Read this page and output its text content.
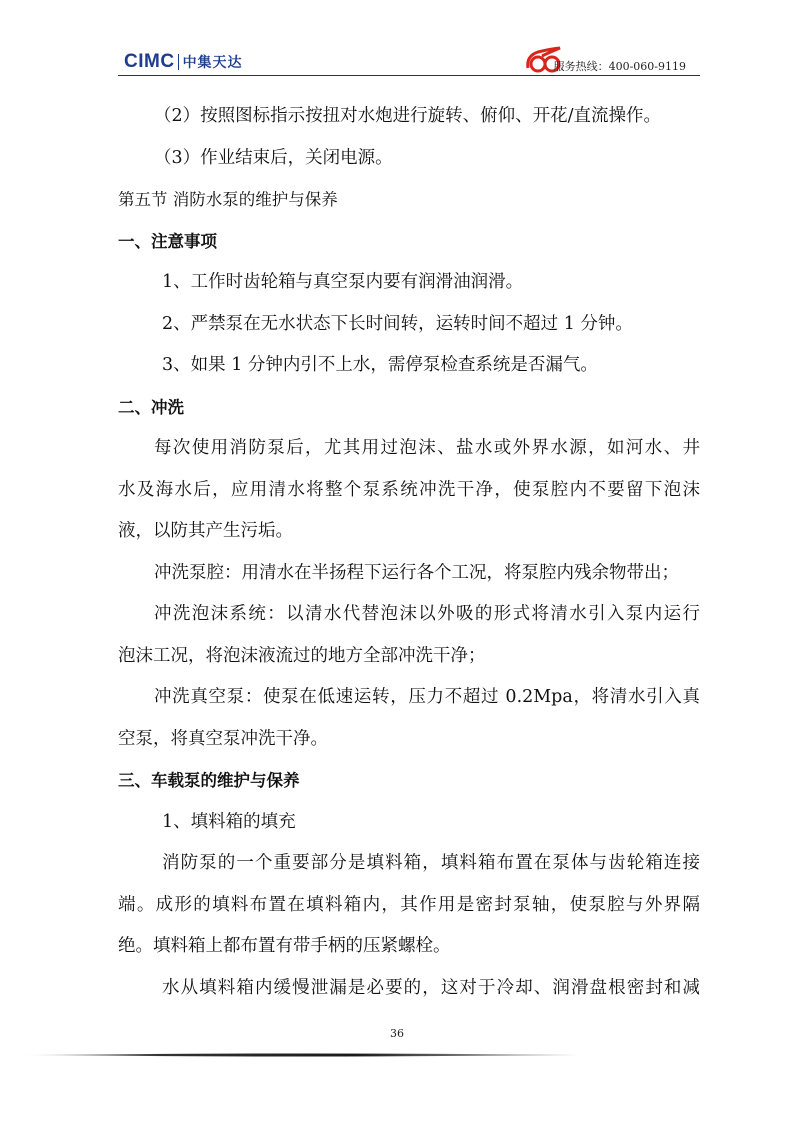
CIMC 中集天达	服务热线：400-060-9119
（2）按照图标指示按扭对水炮进行旋转、俯仰、开花/直流操作。
（3）作业结束后，关闭电源。
第五节 消防水泵的维护与保养
一、注意事项
1、工作时齿轮箱与真空泵内要有润滑油润滑。
2、严禁泵在无水状态下长时间转，运转时间不超过 1 分钟。
3、如果 1 分钟内引不上水，需停泵检查系统是否漏气。
二、冲洗
每次使用消防泵后，尤其用过泡沫、盐水或外界水源，如河水、井
水及海水后，应用清水将整个泵系统冲洗干净，使泵腔内不要留下泡沫
液，以防其产生污垢。
冲洗泵腔：用清水在半扬程下运行各个工况，将泵腔内残余物带出；
冲洗泡沫系统：以清水代替泡沫以外吸的形式将清水引入泵内运行
泡沫工况，将泡沫液流过的地方全部冲洗干净；
冲洗真空泵：使泵在低速运转，压力不超过 0.2Mpa，将清水引入真
空泵，将真空泵冲洗干净。
三、车载泵的维护与保养
1、填料箱的填充
消防泵的一个重要部分是填料箱，填料箱布置在泵体与齿轮箱连接
端。成形的填料布置在填料箱内，其作用是密封泵轴，使泵腔与外界隔
绝。填料箱上都布置有带手柄的压紧螺栓。
水从填料箱内缓慢泄漏是必要的，这对于冷却、润滑盘根密封和减
36
